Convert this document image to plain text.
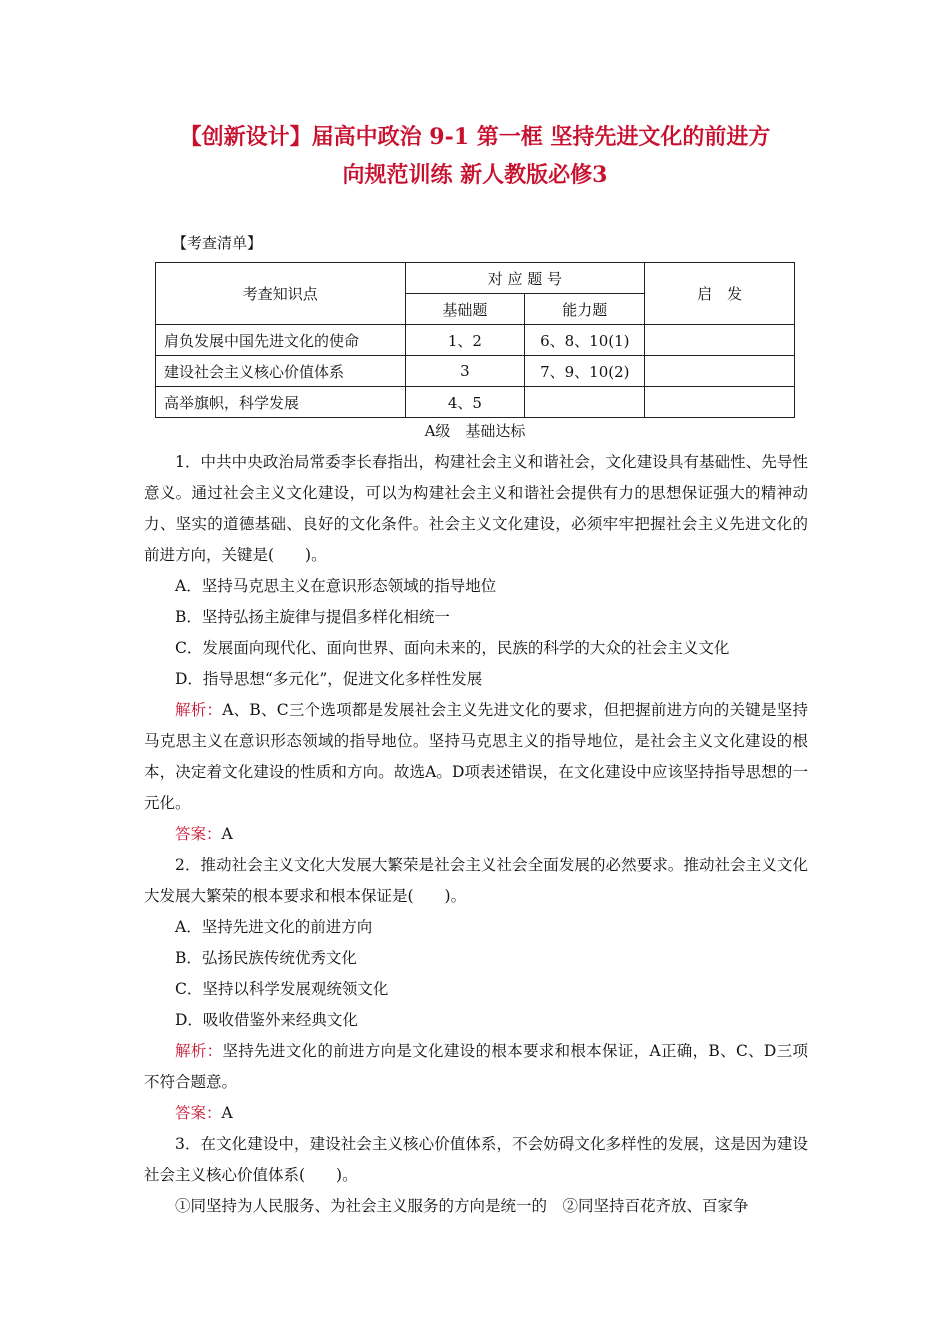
【创新设计】届高中政治 9-1 第一框 坚持先进文化的前进方
向规范训练 新人教版必修3
【考查清单】
考查知识点	对 应 题 号		启　发
	基础题	能力题	
肩负发展中国先进文化的使命	1、2	6、8、10(1)	
建设社会主义核心价值体系	3	7、9、10(2)	
高举旗帜，科学发展	4、5		
A级　基础达标

1．中共中央政治局常委李长春指出，构建社会主义和谐社会，文化建设具有基础性、先导性意义。通过社会主义文化建设，可以为构建社会主义和谐社会提供有力的思想保证强大的精神动力、坚实的道德基础、良好的文化条件。社会主义文化建设，必须牢牢把握社会主义先进文化的前进方向，关键是(　　)。

A．坚持马克思主义在意识形态领域的指导地位

B．坚持弘扬主旋律与提倡多样化相统一

C．发展面向现代化、面向世界、面向未来的，民族的科学的大众的社会主义文化

D．指导思想“多元化”，促进文化多样性发展

解析：A、B、C三个选项都是发展社会主义先进文化的要求，但把握前进方向的关键是坚持马克思主义在意识形态领域的指导地位。坚持马克思主义的指导地位，是社会主义文化建设的根本，决定着文化建设的性质和方向。故选A。D项表述错误，在文化建设中应该坚持指导思想的一元化。

答案：A

2．推动社会主义文化大发展大繁荣是社会主义社会全面发展的必然要求。推动社会主义文化大发展大繁荣的根本要求和根本保证是(　　)。

A．坚持先进文化的前进方向

B．弘扬民族传统优秀文化

C．坚持以科学发展观统领文化

D．吸收借鉴外来经典文化

解析：坚持先进文化的前进方向是文化建设的根本要求和根本保证，A正确，B、C、D三项不符合题意。

答案：A

3．在文化建设中，建设社会主义核心价值体系，不会妨碍文化多样性的发展，这是因为建设社会主义核心价值体系(　　)。

①同坚持为人民服务、为社会主义服务的方向是统一的　②同坚持百花齐放、百家争
